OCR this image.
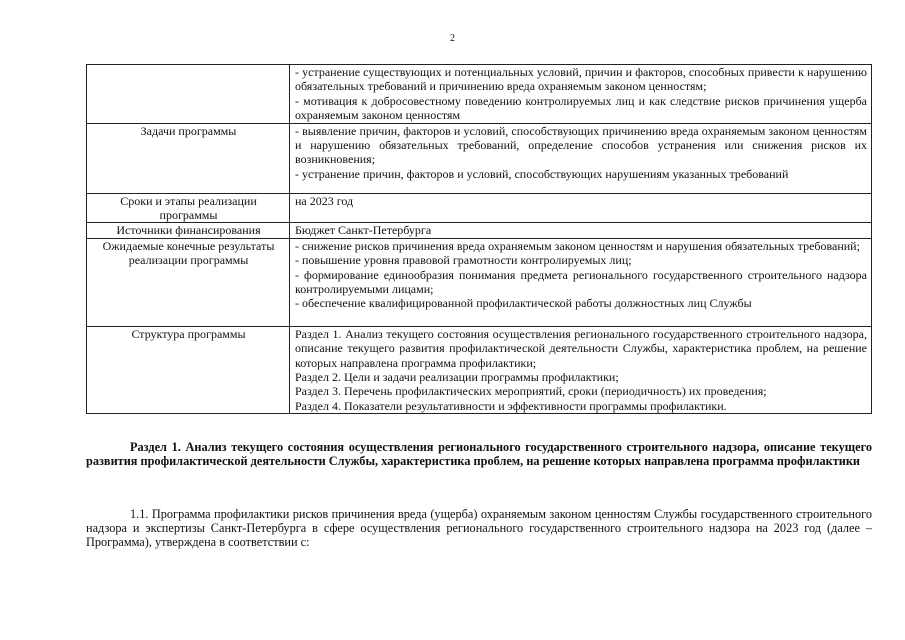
2

	- устранение существующих и потенциальных условий, причин и факторов, способных привести к нарушению обязательных требований и причинению вреда охраняемым законом ценностям;
- мотивация к добросовестному поведению контролируемых лиц и как следствие рисков причинения ущерба охраняемым законом ценностям

Задачи программы	- выявление причин, факторов и условий, способствующих причинению вреда охраняемым законом ценностям и нарушению обязательных требований, определение способов устранения или снижения рисков их возникновения;
- устранение причин, факторов и условий, способствующих нарушениям указанных требований

Сроки и этапы реализации программы	на 2023 год

Источники финансирования	Бюджет Санкт-Петербурга

Ожидаемые конечные результаты реализации программы	- снижение рисков причинения вреда охраняемым законом ценностям и нарушения обязательных требований;
- повышение уровня правовой грамотности контролируемых лиц;
- формирование единообразия понимания предмета регионального государственного строительного надзора контролируемыми лицами;
- обеспечение квалифицированной профилактической работы должностных лиц Службы

Структура программы	Раздел 1. Анализ текущего состояния осуществления регионального государственного строительного надзора, описание текущего развития профилактической деятельности Службы, характеристика проблем, на решение которых направлена программа профилактики;
Раздел 2. Цели и задачи реализации программы профилактики;
Раздел 3. Перечень профилактических мероприятий, сроки (периодичность) их проведения;
Раздел 4. Показатели результативности и эффективности программы профилактики.
Раздел 1. Анализ текущего состояния осуществления регионального государственного строительного надзора, описание текущего развития профилактической деятельности Службы, характеристика проблем, на решение которых направлена программа профилактики
1.1. Программа профилактики рисков причинения вреда (ущерба) охраняемым законом ценностям Службы государственного строительного надзора и экспертизы Санкт-Петербурга в сфере осуществления регионального государственного строительного надзора на 2023 год (далее – Программа), утверждена в соответствии с:
